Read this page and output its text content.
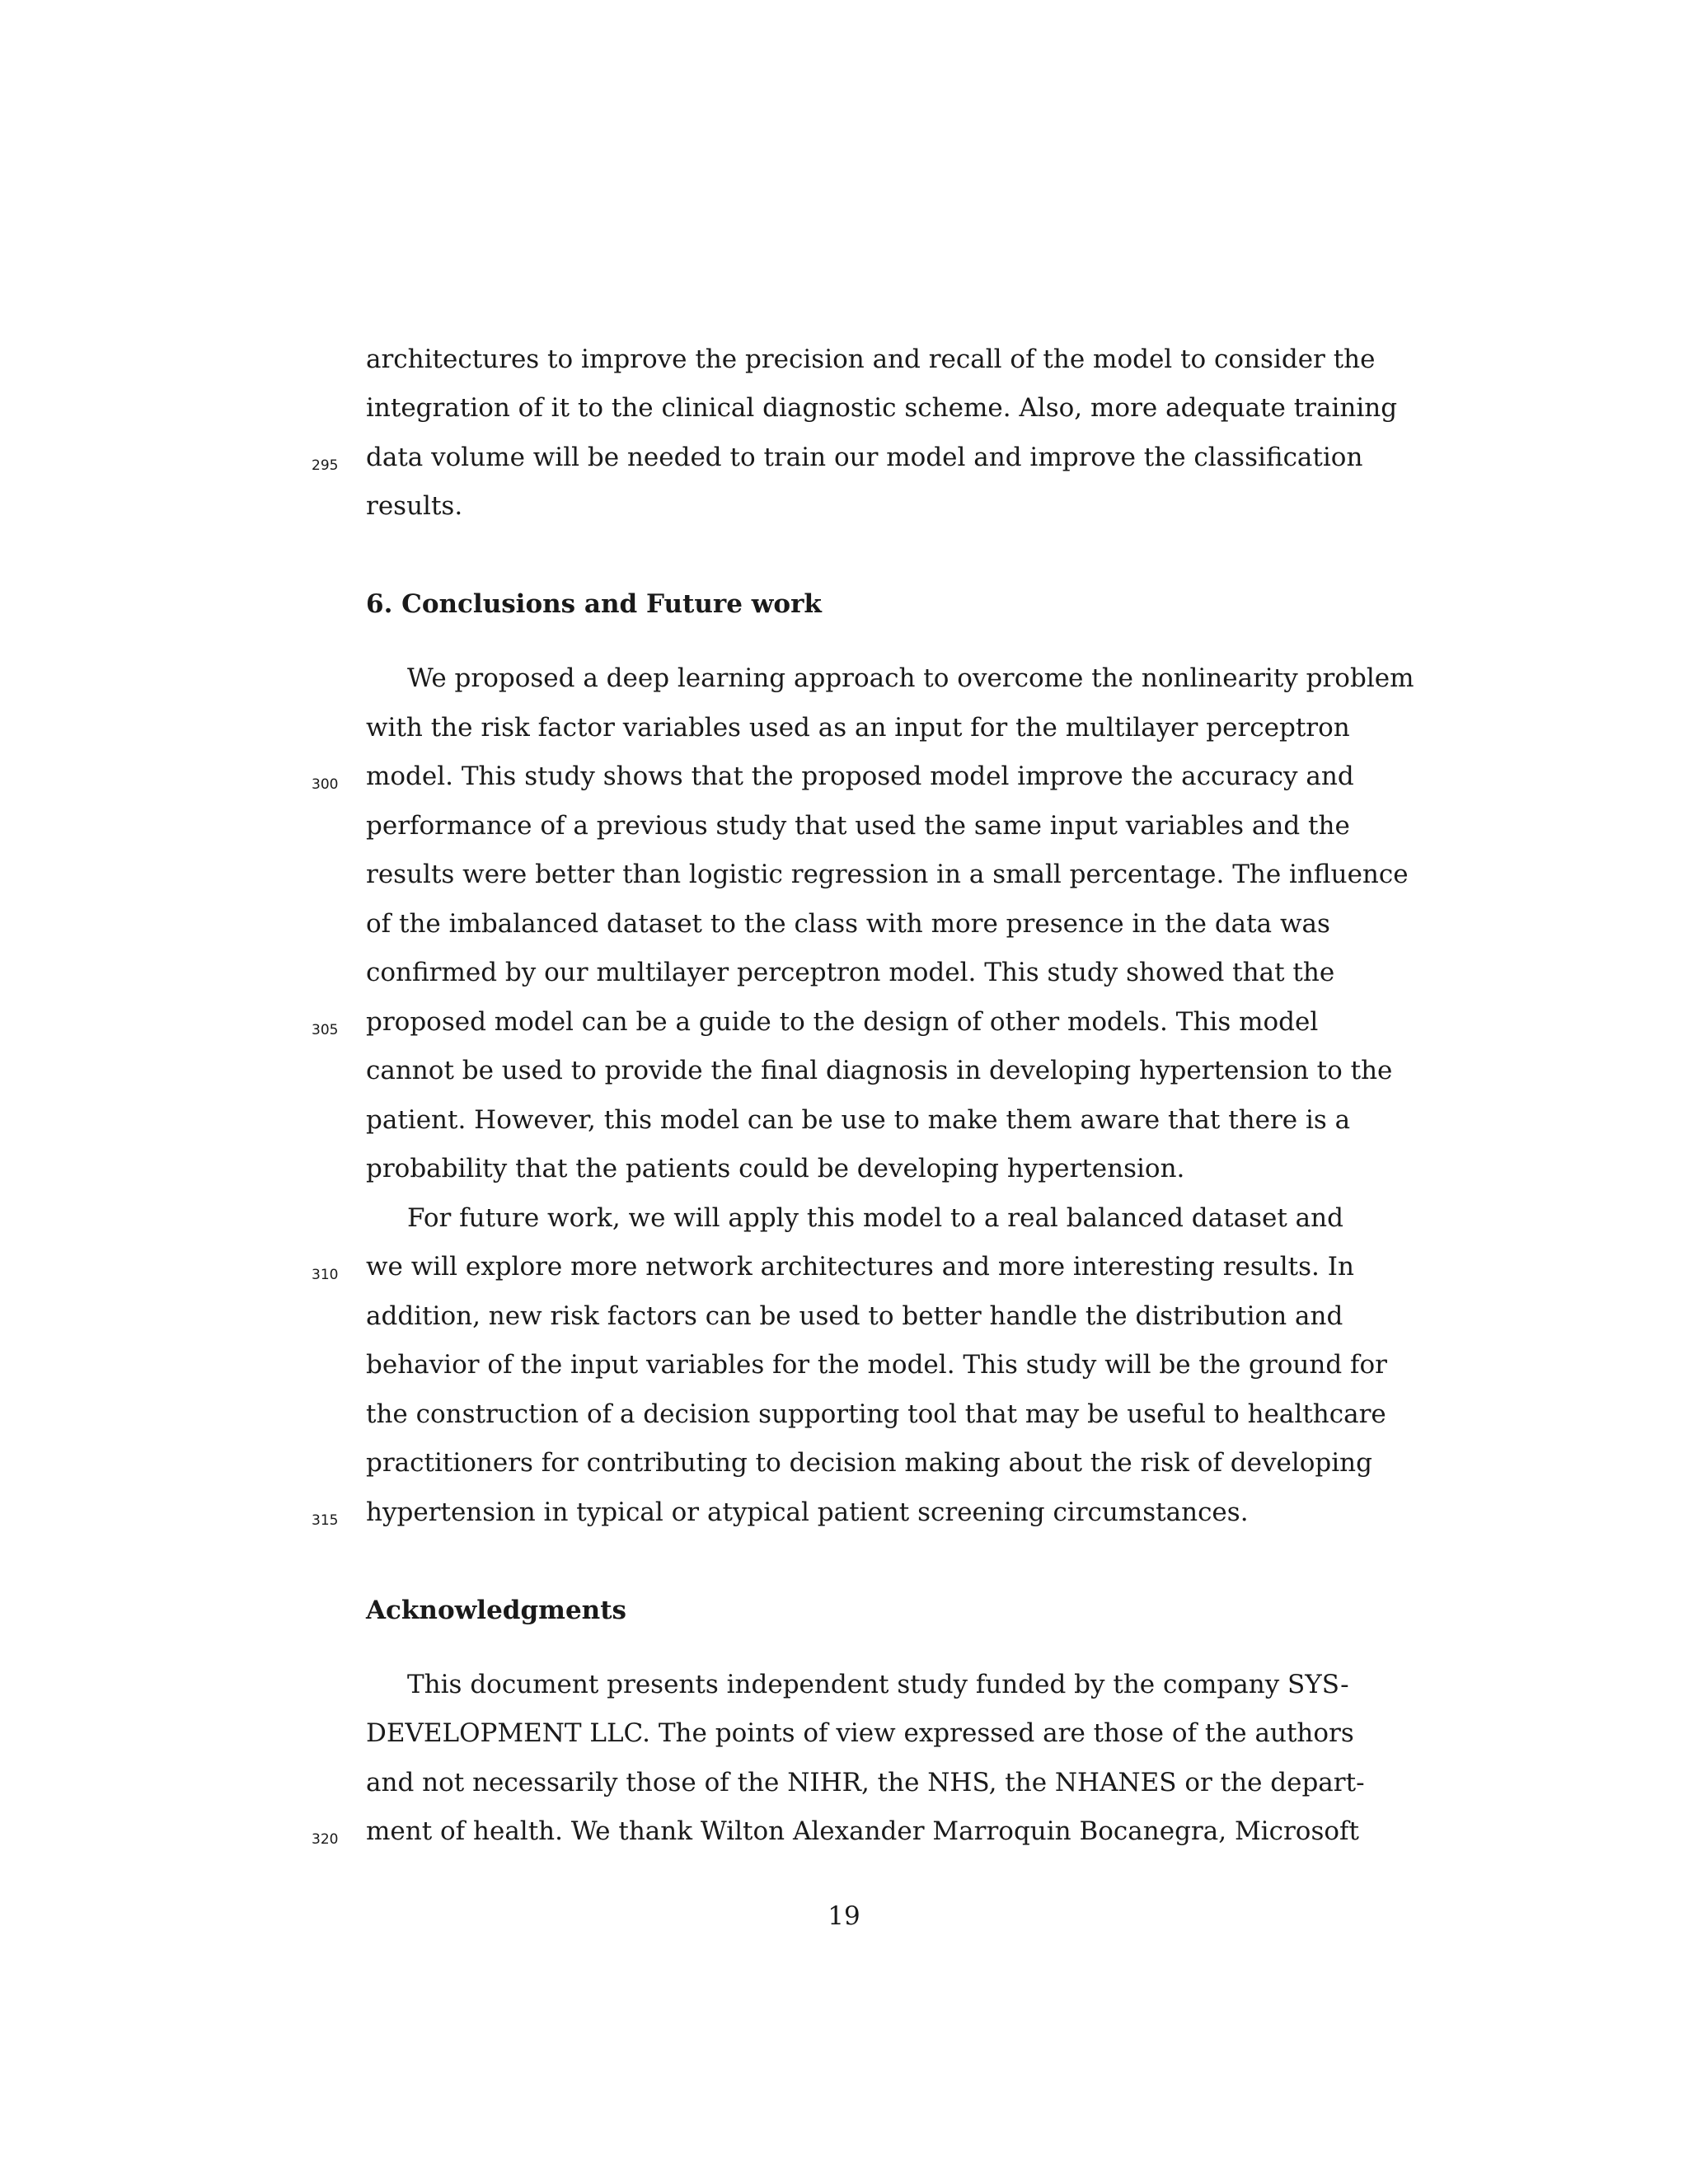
architectures to improve the precision and recall of the model to consider the
integration of it to the clinical diagnostic scheme. Also, more adequate training
295	data volume will be needed to train our model and improve the classification
results.
6. Conclusions and Future work
We proposed a deep learning approach to overcome the nonlinearity problem
with the risk factor variables used as an input for the multilayer perceptron
300	model. This study shows that the proposed model improve the accuracy and
performance of a previous study that used the same input variables and the
results were better than logistic regression in a small percentage. The influence
of the imbalanced dataset to the class with more presence in the data was
confirmed by our multilayer perceptron model. This study showed that the
305	proposed model can be a guide to the design of other models. This model
cannot be used to provide the final diagnosis in developing hypertension to the
patient. However, this model can be use to make them aware that there is a
probability that the patients could be developing hypertension.
For future work, we will apply this model to a real balanced dataset and
310	we will explore more network architectures and more interesting results. In
addition, new risk factors can be used to better handle the distribution and
behavior of the input variables for the model. This study will be the ground for
the construction of a decision supporting tool that may be useful to healthcare
practitioners for contributing to decision making about the risk of developing
315	hypertension in typical or atypical patient screening circumstances.
Acknowledgments
This document presents independent study funded by the company SYS-
DEVELOPMENT LLC. The points of view expressed are those of the authors
and not necessarily those of the NIHR, the NHS, the NHANES or the depart-
320	ment of health. We thank Wilton Alexander Marroquin Bocanegra, Microsoft
19
